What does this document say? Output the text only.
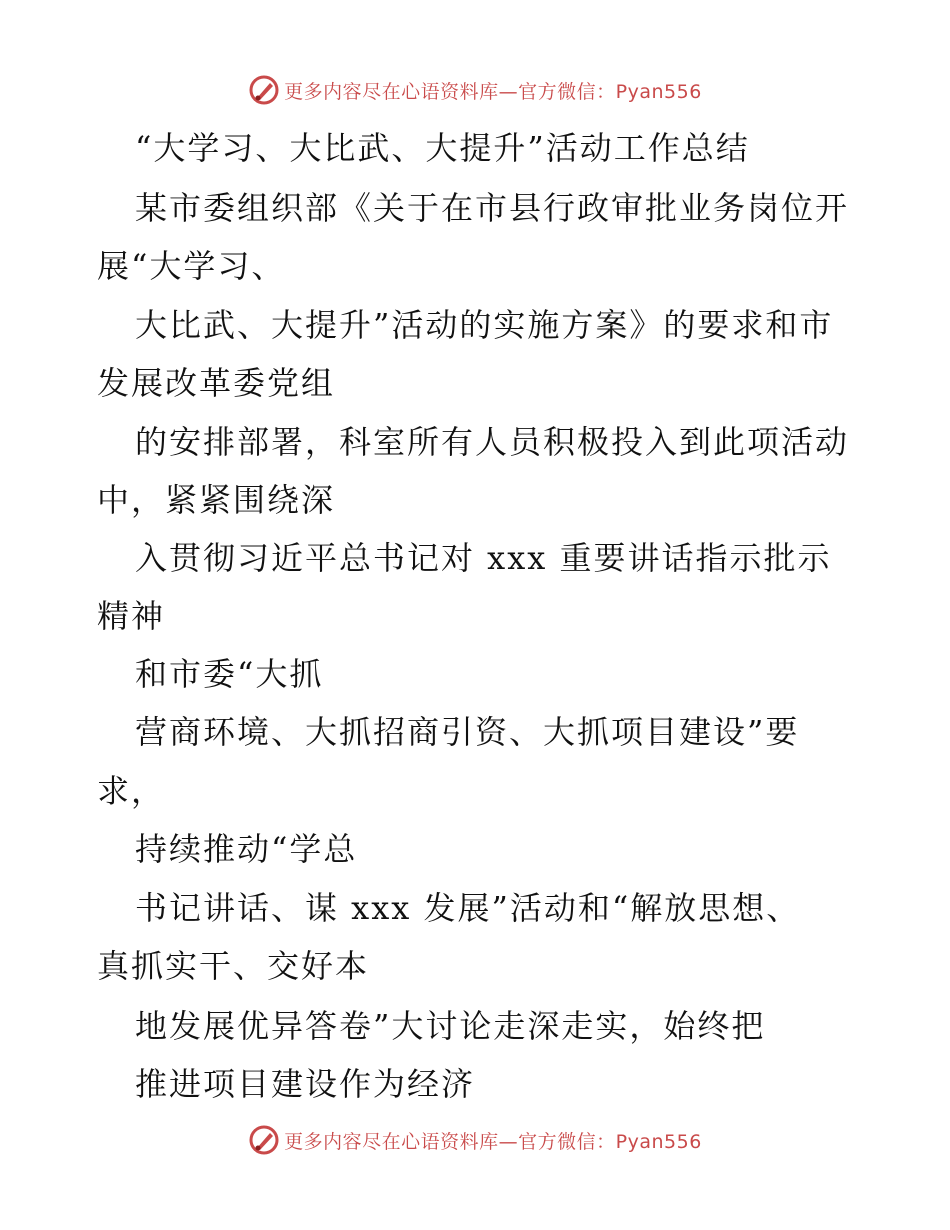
更多内容尽在心语资料库—官方微信：Pyan556
“大学习、大比武、大提升”活动工作总结
某市委组织部《关于在市县行政审批业务岗位开
展“大学习、
大比武、大提升”活动的实施方案》的要求和市
发展改革委党组
的安排部署，科室所有人员积极投入到此项活动
中，紧紧围绕深
入贯彻习近平总书记对 xxx 重要讲话指示批示
精神
和市委“大抓
营商环境、大抓招商引资、大抓项目建设”要
求，
持续推动“学总
书记讲话、谋 xxx 发展”活动和“解放思想、
真抓实干、交好本
地发展优异答卷”大讨论走深走实，始终把
推进项目建设作为经济
更多内容尽在心语资料库—官方微信：Pyan556
